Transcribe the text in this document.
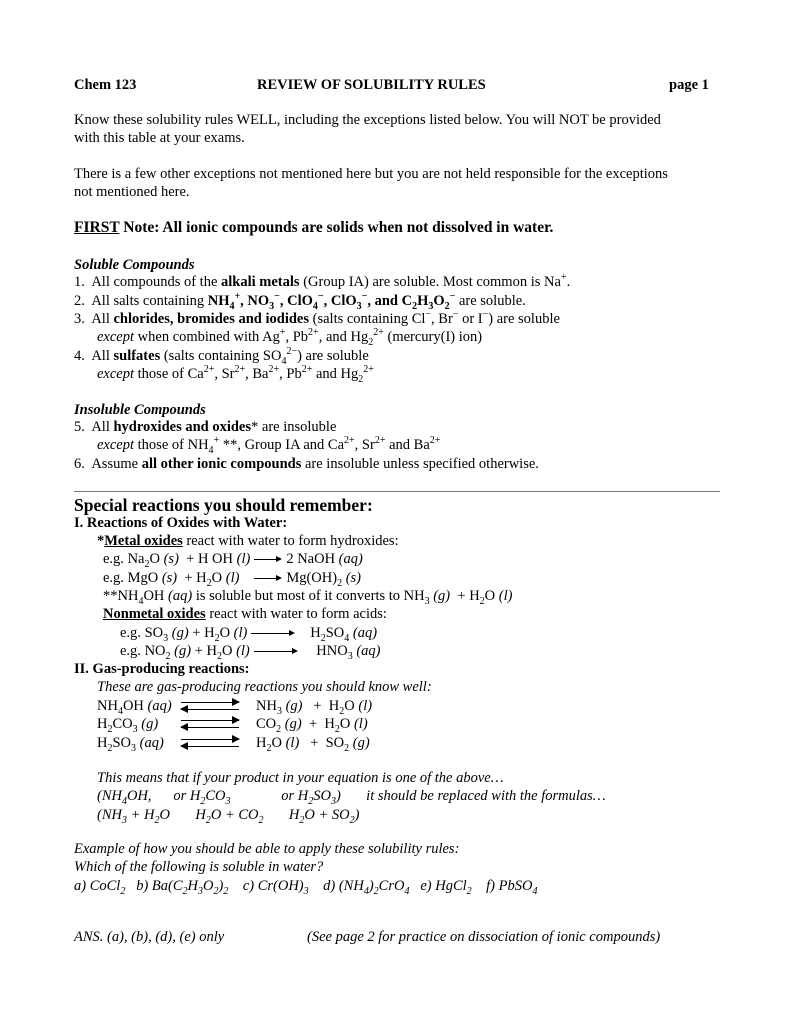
Chem 123	REVIEW OF SOLUBILITY RULES	page 1
Know these solubility rules WELL, including the exceptions listed below. You will NOT be provided
with this table at your exams.
There is a few other exceptions not mentioned here but you are not held responsible for the exceptions
not mentioned here.
FIRST Note: All ionic compounds are solids when not dissolved in water.
Soluble Compounds
1. All compounds of the alkali metals (Group IA) are soluble. Most common is Na+.
2. All salts containing $NH_4^+$, $NO_3^-$, ClO$_4$−, ClO$_3$−, and $C_2H_3O_2^-$ are soluble.
3. All chlorides, bromides and iodides (salts containing Cl−, Br− or I−) are soluble
except when combined with Ag+, $Pb^{2+}$, and $Hg_2^{2+}$ (mercury(I) ion)
4. All sulfates (salts containing $SO_4^{2-}$) are soluble
except those of $Ca^{2+}$, $Sr^{2+}$, $Ba^{2+}$, $Pb^{2+}$ and $Hg_2^{2+}$
Insoluble Compounds
5. All hydroxides and oxides* are insoluble
except those of $NH_4^+$ **, Group IA and $Ca^{2+}$, $Sr^{2+}$ and $Ba^{2+}$
6. Assume all other ionic compounds are insoluble unless specified otherwise.
Special reactions you should remember:
I. Reactions of Oxides with Water:
*Metal oxides react with water to form hydroxides:
e.g. $Na_2O$ (s)  + H OH (l) 2 NaOH (aq)
e.g. MgO $(s) + H_2O$ (l)	$Mg(OH)_2$ (s)
$**NH_4OH$ (aq) is soluble but most of it converts to $NH_3$ $(g) + H_2O$ (l)
Nonmetal oxides react with water to form acids:
e.g. $SO_3$ $(g) + H_2O$ (l)	$H_2SO_4$ (aq)
e.g. $NO_2$ $(g) + H_2O$ (l)	$HNO_3$ (aq)
II. Gas-producing reactions:
These are gas-producing reactions you should know well:
$NH_4OH$ (aq) ⇌ $NH_3$ $(g) + H_2O$ (l)
$H_2CO_3$ (g) ⇌ $CO_2$ $(g) + H_2O$ (l)
$H_2SO_3$ (aq) ⇌ $H_2O$ $(l) + SO_2$ (g)
This means that if your product in your equation is one of the above…
($NH_4OH$, or $H_2CO_3$	or $H_2SO_3$) it should be replaced with the formulas…
($NH_3 + H_2O$ $H_2O + CO_2$ $H_2O + SO_2$)
Example of how you should be able to apply these solubility rules:
Which of the following is soluble in water?
a) CoCl$_2$   b) $Ba(C_2H_3O_2)_2$    c) $Cr(OH)_3$    d) $(NH_4)_2CrO_4$   e) HgCl$_2$    f) PbSO$_4$
ANS. (a), (b), (d), (e) only	(See page 2 for practice on dissociation of ionic compounds)
